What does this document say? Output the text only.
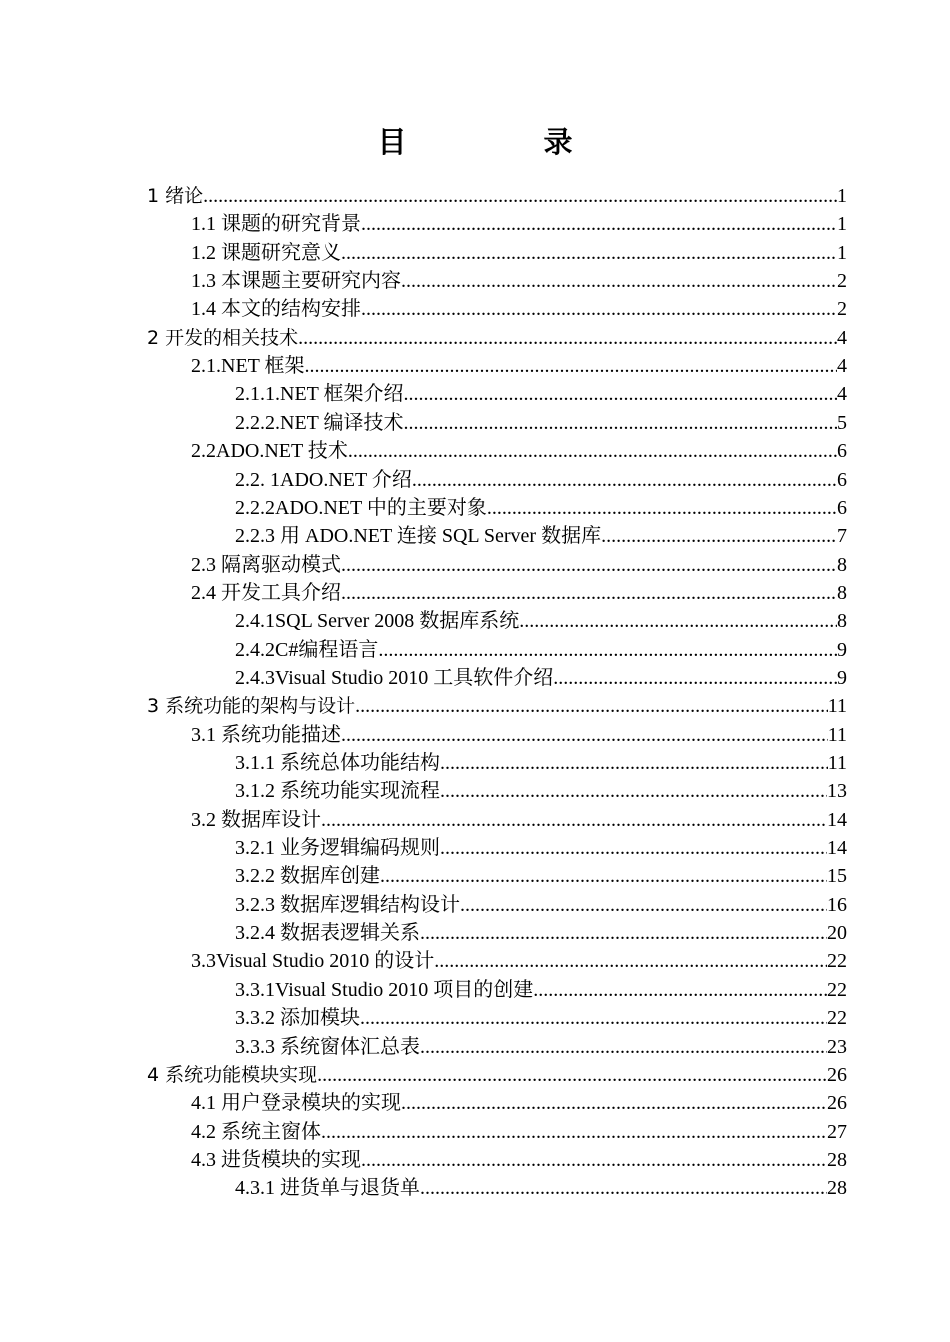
目　录
1 绪论 .....	1
1.1 课题的研究背景 .....	1
1.2 课题研究意义 .....	1
1.3 本课题主要研究内容 .....	2
1.4 本文的结构安排 .....	2
2 开发的相关技术 .....	4
2.1.NET 框架 .....	4
2.1.1.NET 框架介绍 .....	4
2.2.2.NET 编译技术 .....	5
2.2ADO.NET 技术 .....	6
2.2. 1ADO.NET 介绍 .....	6
2.2.2ADO.NET 中的主要对象 .....	6
2.2.3 用 ADO.NET 连接 SQL Server 数据库 .....	7
2.3 隔离驱动模式 .....	8
2.4 开发工具介绍 .....	8
2.4.1SQL Server 2008 数据库系统 .....	8
2.4.2C#编程语言 .....	9
2.4.3Visual Studio 2010 工具软件介绍 .....	9
3 系统功能的架构与设计 .....	11
3.1 系统功能描述 .....	11
3.1.1 系统总体功能结构 .....	11
3.1.2 系统功能实现流程 .....	13
3.2 数据库设计 .....	14
3.2.1 业务逻辑编码规则 .....	14
3.2.2 数据库创建 .....	15
3.2.3 数据库逻辑结构设计 .....	16
3.2.4 数据表逻辑关系 .....	20
3.3Visual Studio 2010 的设计 .....	22
3.3.1Visual Studio 2010 项目的创建 .....	22
3.3.2 添加模块 .....	22
3.3.3 系统窗体汇总表 .....	23
4 系统功能模块实现 .....	26
4.1 用户登录模块的实现 .....	26
4.2 系统主窗体 .....	27
4.3 进货模块的实现 .....	28
4.3.1 进货单与退货单 .....	28
